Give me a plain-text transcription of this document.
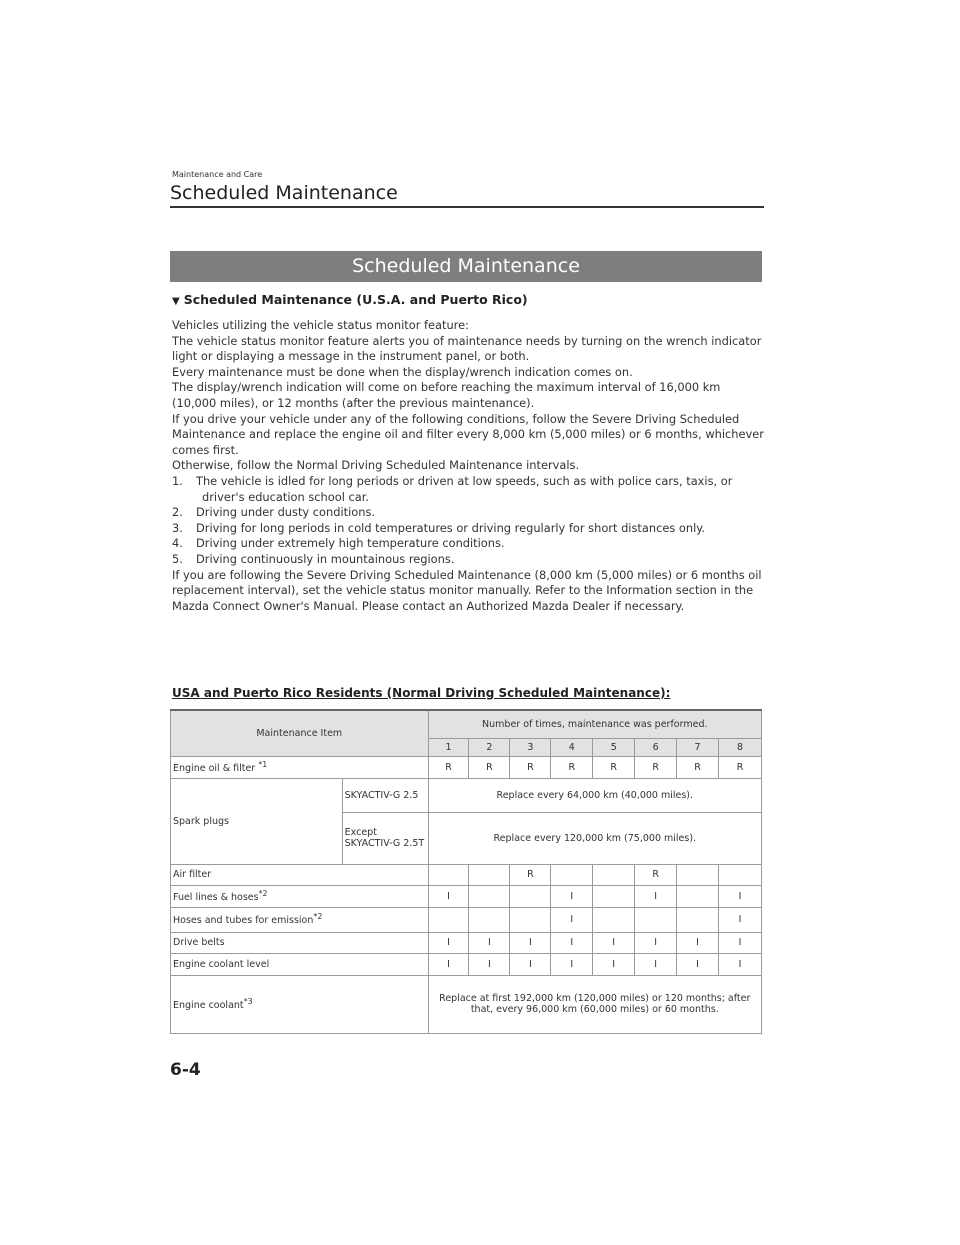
Maintenance and Care
Scheduled Maintenance
Scheduled Maintenance
▼ Scheduled Maintenance (U.S.A. and Puerto Rico)

Vehicles utilizing the vehicle status monitor feature:

The vehicle status monitor feature alerts you of maintenance needs by turning on the wrench indicator light or displaying a message in the instrument panel, or both.

Every maintenance must be done when the display/wrench indication comes on.

The display/wrench indication will come on before reaching the maximum interval of 16,000 km (10,000 miles), or 12 months (after the previous maintenance).

If you drive your vehicle under any of the following conditions, follow the Severe Driving Scheduled Maintenance and replace the engine oil and filter every 8,000 km (5,000 miles) or 6 months, whichever comes first.

Otherwise, follow the Normal Driving Scheduled Maintenance intervals.

1. The vehicle is idled for long periods or driven at low speeds, such as with police cars, taxis, or driver's education school car.

2. Driving under dusty conditions.

3. Driving for long periods in cold temperatures or driving regularly for short distances only.

4. Driving under extremely high temperature conditions.

5. Driving continuously in mountainous regions.

If you are following the Severe Driving Scheduled Maintenance (8,000 km (5,000 miles) or 6 months oil replacement interval), set the vehicle status monitor manually. Refer to the Information section in the Mazda Connect Owner's Manual. Please contact an Authorized Mazda Dealer if necessary.

USA and Puerto Rico Residents (Normal Driving Scheduled Maintenance):
Maintenance Item		Number of times, maintenance was performed.							
		1	2	3	4	5	6	7	8
Engine oil & filter $^{*1}$		R	R	R	R	R	R	R	R
Spark plugs	SKYACTIV-G 2.5	Replace every 64,000 km (40,000 miles).							
	Except SKYACTIV-G 2.5T	Replace every 120,000 km (75,000 miles).							
Air filter				R			R		
Fuel lines & hoses$^{*2}$		I			I		I		I
Hoses and tubes for emission$^{*2}$					I				I
Drive belts		I	I	I	I	I	I	I	I
Engine coolant level		I	I	I	I	I	I	I	I
Engine coolant$^{*3}$		Replace at first 192,000 km (120,000 miles) or 120 months; after that, every 96,000 km (60,000 miles) or 60 months.							
6-4
